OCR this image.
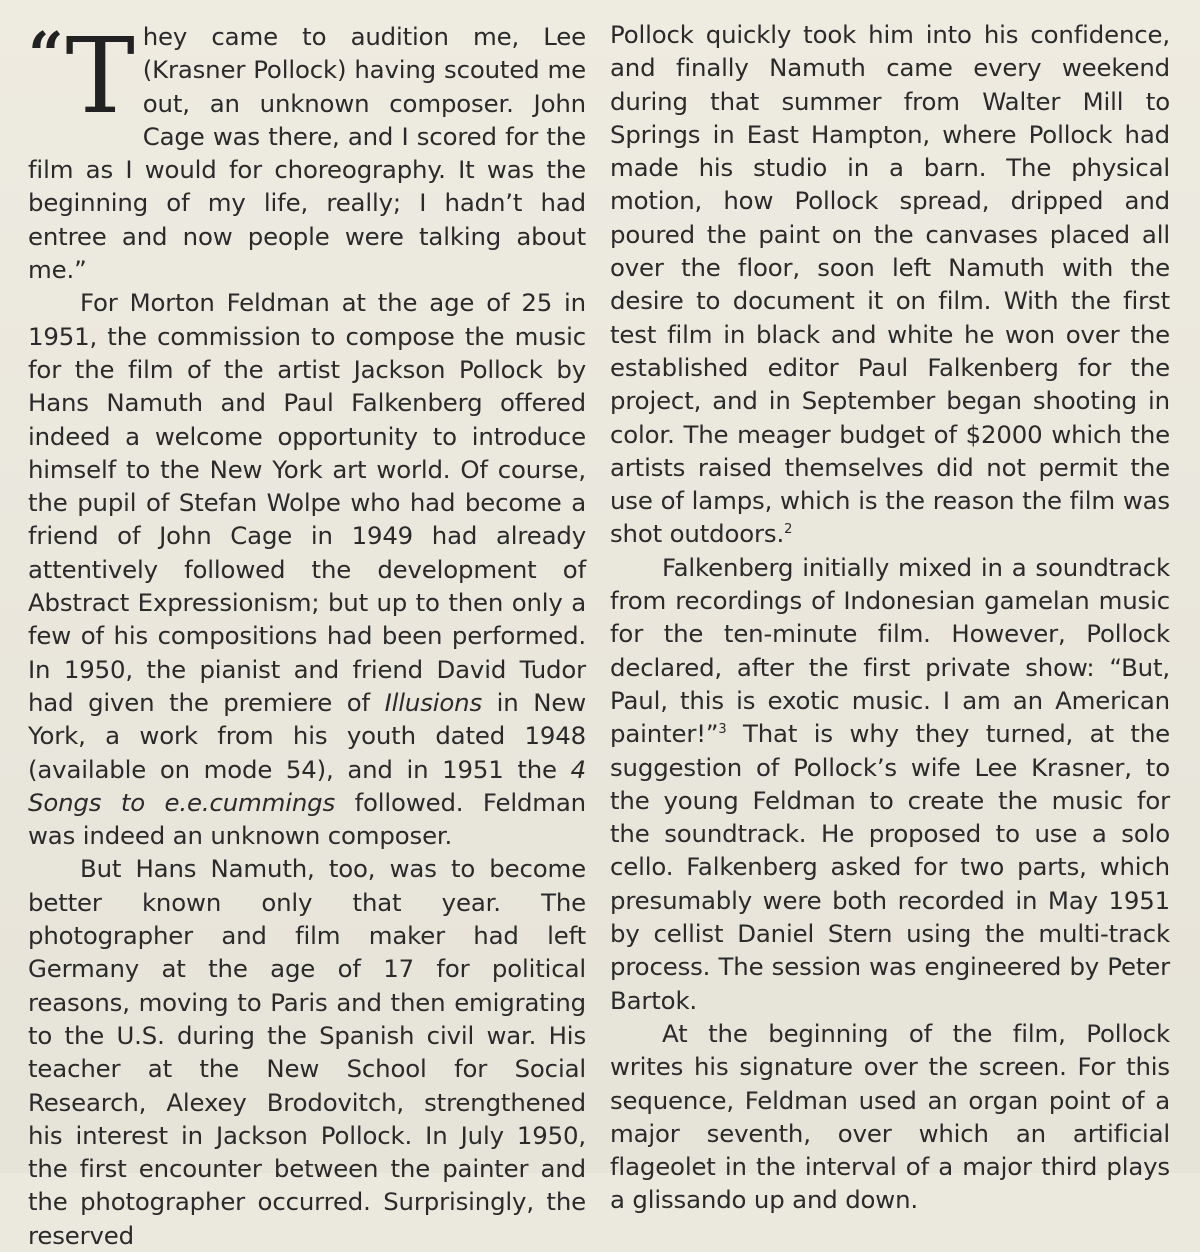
“ T hey came to audition me, Lee (Krasner Pollock) having scouted me out, an unknown composer. John Cage was there, and I scored for the film as I would for choreography. It was the beginning of my life, really; I hadn’t had entree and now people were talking about me.”

For Morton Feldman at the age of 25 in 1951, the commission to compose the music for the film of the artist Jackson Pollock by Hans Namuth and Paul Falkenberg offered indeed a welcome opportunity to introduce himself to the New York art world. Of course, the pupil of Stefan Wolpe who had become a friend of John Cage in 1949 had already attentively followed the development of Abstract Expressionism; but up to then only a few of his compositions had been performed. In 1950, the pianist and friend David Tudor had given the premiere of Illusions in New York, a work from his youth dated 1948 (available on mode 54), and in 1951 the 4 Songs to e.e.cummings followed. Feldman was indeed an unknown composer.

But Hans Namuth, too, was to become better known only that year. The photographer and film maker had left Germany at the age of 17 for political reasons, moving to Paris and then emigrating to the U.S. during the Spanish civil war. His teacher at the New School for Social Research, Alexey Brodovitch, strengthened his interest in Jackson Pollock. In July 1950, the first encounter between the painter and the photographer occurred. Surprisingly, the reserved

Pollock quickly took him into his confidence, and finally Namuth came every weekend during that summer from Walter Mill to Springs in East Hampton, where Pollock had made his studio in a barn. The physical motion, how Pollock spread, dripped and poured the paint on the canvases placed all over the floor, soon left Namuth with the desire to document it on film. With the first test film in black and white he won over the established editor Paul Falkenberg for the project, and in September began shooting in color. The meager budget of $2000 which the artists raised themselves did not permit the use of lamps, which is the reason the film was shot outdoors.$^2$

Falkenberg initially mixed in a soundtrack from recordings of Indonesian gamelan music for the ten-minute film. However, Pollock declared, after the first private show: “But, Paul, this is exotic music. I am an American painter!”$^3$ That is why they turned, at the suggestion of Pollock’s wife Lee Krasner, to the young Feldman to create the music for the soundtrack. He proposed to use a solo cello. Falkenberg asked for two parts, which presumably were both recorded in May 1951 by cellist Daniel Stern using the multi-track process. The session was engineered by Peter Bartok.

At the beginning of the film, Pollock writes his signature over the screen. For this sequence, Feldman used an organ point of a major seventh, over which an artificial flageolet in the interval of a major third plays a glissando up and down.
